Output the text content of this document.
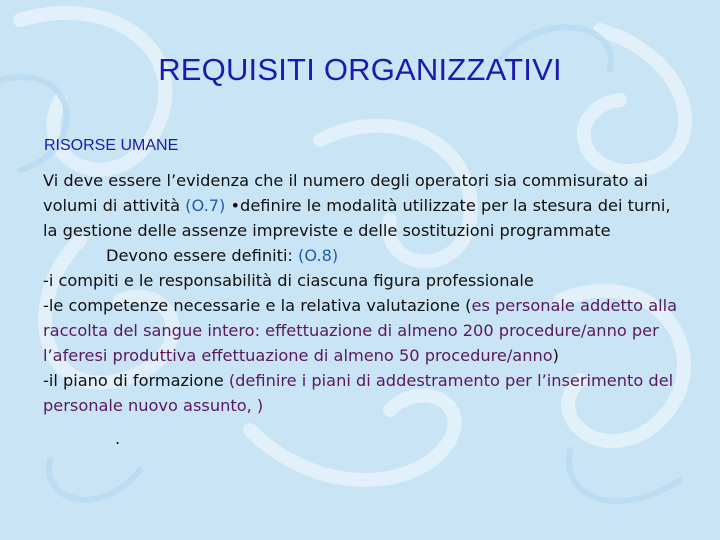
REQUISITI ORGANIZZATIVI
RISORSE UMANE

Vi deve essere l’evidenza che il numero degli operatori sia commisurato ai volumi di attività (O.7) •definire le modalità utilizzate per la stesura dei turni, la gestione delle assenze impreviste e delle sostituzioni programmate

Devono essere definiti: (O.8)

-i compiti e le responsabilità di ciascuna figura professionale

-le competenze necessarie e la relativa valutazione (es personale addetto alla raccolta del sangue intero: effettuazione di almeno 200 procedure/anno per l’aferesi produttiva effettuazione di almeno 50 procedure/anno)

-il piano di formazione (definire i piani di addestramento per l’inserimento del personale nuovo assunto, )

.
